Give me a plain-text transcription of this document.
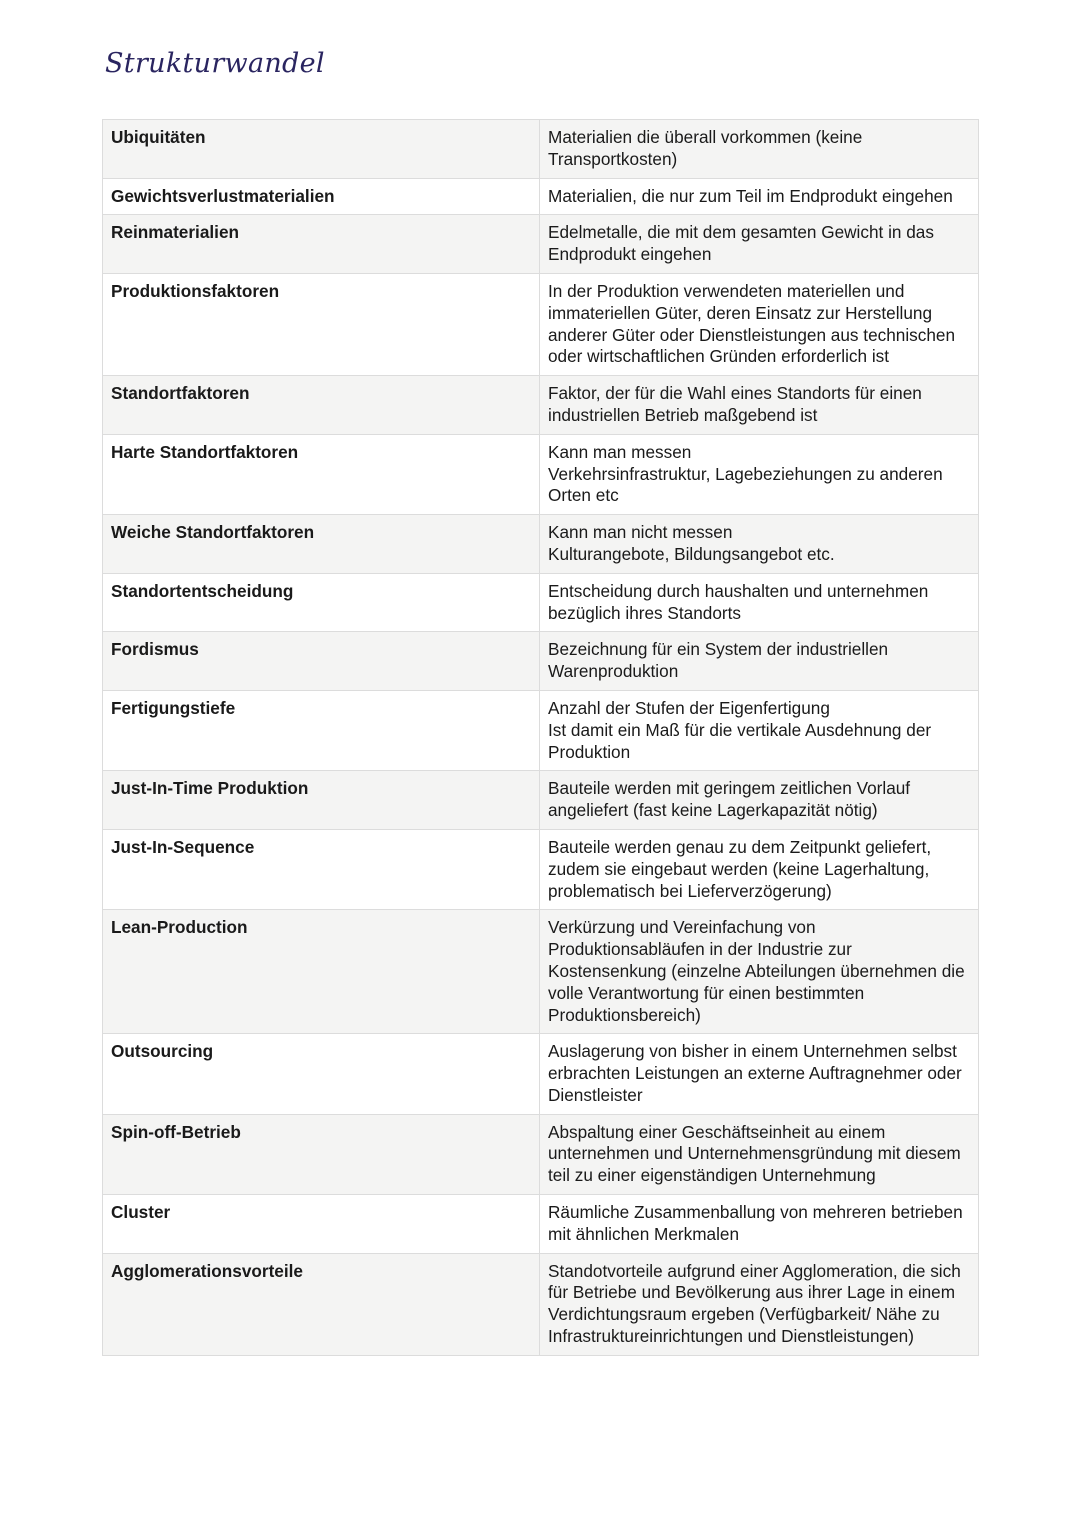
Strukturwandel
Ubiquitäten	Materialien die überall vorkommen (keine Transportkosten)
Gewichtsverlustmaterialien	Materialien, die nur zum Teil im Endprodukt eingehen
Reinmaterialien	Edelmetalle, die mit dem gesamten Gewicht in das Endprodukt eingehen
Produktionsfaktoren	In der Produktion verwendeten materiellen und immateriellen Güter, deren Einsatz zur Herstellung anderer Güter oder Dienstleistungen aus technischen oder wirtschaftlichen Gründen erforderlich ist
Standortfaktoren	Faktor, der für die Wahl eines Standorts für einen industriellen Betrieb maßgebend ist
Harte Standortfaktoren	Kann man messen
Verkehrsinfrastruktur, Lagebeziehungen zu anderen Orten etc
Weiche Standortfaktoren	Kann man nicht messen
Kulturangebote, Bildungsangebot etc.
Standortentscheidung	Entscheidung durch haushalten und unternehmen bezüglich ihres Standorts
Fordismus	Bezeichnung für ein System der industriellen Warenproduktion
Fertigungstiefe	Anzahl der Stufen der Eigenfertigung
Ist damit ein Maß für die vertikale Ausdehnung der Produktion
Just-In-Time Produktion	Bauteile werden mit geringem zeitlichen Vorlauf angeliefert (fast keine Lagerkapazität nötig)
Just-In-Sequence	Bauteile werden genau zu dem Zeitpunkt geliefert, zudem sie eingebaut werden (keine Lagerhaltung, problematisch bei Lieferverzögerung)
Lean-Production	Verkürzung und Vereinfachung von Produktionsabläufen in der Industrie zur Kostensenkung (einzelne Abteilungen übernehmen die volle Verantwortung für einen bestimmten Produktionsbereich)
Outsourcing	Auslagerung von bisher in einem Unternehmen selbst erbrachten Leistungen an externe Auftragnehmer oder Dienstleister
Spin-off-Betrieb	Abspaltung einer Geschäftseinheit au einem unternehmen und Unternehmensgründung mit diesem teil zu einer eigenständigen Unternehmung
Cluster	Räumliche Zusammenballung von mehreren betrieben mit ähnlichen Merkmalen
Agglomerationsvorteile	Standotvorteile aufgrund einer Agglomeration, die sich für Betriebe und Bevölkerung aus ihrer Lage in einem Verdichtungsraum ergeben (Verfügbarkeit/ Nähe zu Infrastruktureinrichtungen und Dienstleistungen)
